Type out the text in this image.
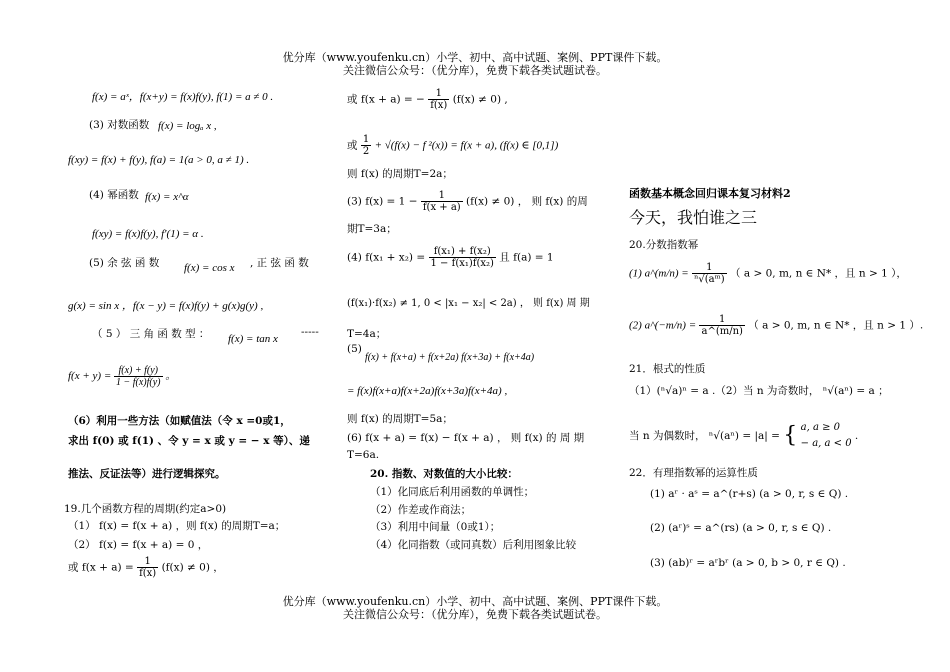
优分库（www.youfenku.cn）小学、初中、高中试题、案例、PPT课件下载。
关注微信公众号：（优分库），免费下载各类试题试卷。
f(x) = aˣ，f(x+y) = f(x)f(y), f(1) = a ≠ 0 .
(3) 对数函数 f(x) = logₐ x ,
f(xy) = f(x) + f(y), f(a) = 1(a > 0, a ≠ 1) .
(4) 幂函数 f(x) = x^α
f(xy) = f(x)f(y), f′(1) = α .
(5) 余 弦 函 数 f(x) = cos x , 正 弦 函 数
g(x) = sin x ，f(x − y) = f(x)f(y) + g(x)g(y) ,
（ 5 ） 三 角 函 数 型 ： f(x) = tan x
-----
$f(x + y) = \frac{f(x) + f(y)}{1 - f(x)f(y)}$ 。
（6）利用一些方法（如赋值法（令 x =0或1，
求出 f(0) 或 f(1) 、令 y = x 或 y = − x 等）、递
推法、反证法等）进行逻辑探究。
19.几个函数方程的周期(约定a>0)
（1） f(x) = f(x + a) ，则 f(x) 的周期T=a；
（2） f(x) = f(x + a) = 0 ，
或 $f(x + a) = \frac{1}{f(x)} (f(x) \ne 0)$ ，
或 f(x + a) = − $\frac{1}{f(x)} (f(x) \ne 0)$ ,
或 $\frac{1}{2} + √(f(x) - f$ ²(x)) = f(x + a), (f(x) ∈ [0,1])
则 f(x) 的周期T=2a；
(3) $f(x) = 1 - \frac{1}{f(x + a)} (f(x) \ne 0)$ ， 则 f(x) 的周
期T=3a；
(4) $f(x_1 + x_2) = \frac{\text{f(x₁) + f(x₂)}}{\text{1 − f(x₁)f(x₂)}}$ 且 f(a) = 1
(f(x₁)·f(x₂) ≠ 1, 0 < |x₁ − x₂| < 2a) ， 则 f(x) 周 期
T=4a；
(5)
f(x) + f(x+a) + f(x+2a) f(x+3a) + f(x+4a)
= f(x)f(x+a)f(x+2a)f(x+3a)f(x+4a) ,
则 f(x) 的周期T=5a；
(6) f(x + a) = f(x) − f(x + a) ， 则 f(x) 的 周 期
T=6a.
20. 指数、对数值的大小比较：
（1）化同底后利用函数的单调性；
（2）作差或作商法；
（3）利用中间量（0或1）；
（4）化同指数（或同真数）后利用图象比较
函数基本概念回归课本复习材料2
今天，我怕谁之三
20.分数指数幂
(1) a^(m/n) = $\frac{1}{\text{ⁿ√(aᵐ)}}$ （ a > 0, m, n ∈ N* ，且 n > 1 ），
(2) a^(−m/n) = $\frac{1}{a\^{}(m/n)}$ （ a > 0, m, n ∈ N* ，且 n > 1 ）.
21．根式的性质
（1）(ⁿ√a)ⁿ = a .（2）当 n 为奇数时， ⁿ√(aⁿ) = a ；
当 n 为偶数时， ⁿ√(aⁿ) = |a| = { a, a ≥ 0
− a, a < 0
.
22．有理指数幂的运算性质
(1) aʳ · aˢ = a^(r+s) (a > 0, r, s ∈ Q) .
(2) (aʳ)ˢ = a^(rs) (a > 0, r, s ∈ Q) .
(3) (ab)ʳ = aʳbʳ (a > 0, b > 0, r ∈ Q) .
优分库（www.youfenku.cn）小学、初中、高中试题、案例、PPT课件下载。
关注微信公众号：（优分库），免费下载各类试题试卷。
